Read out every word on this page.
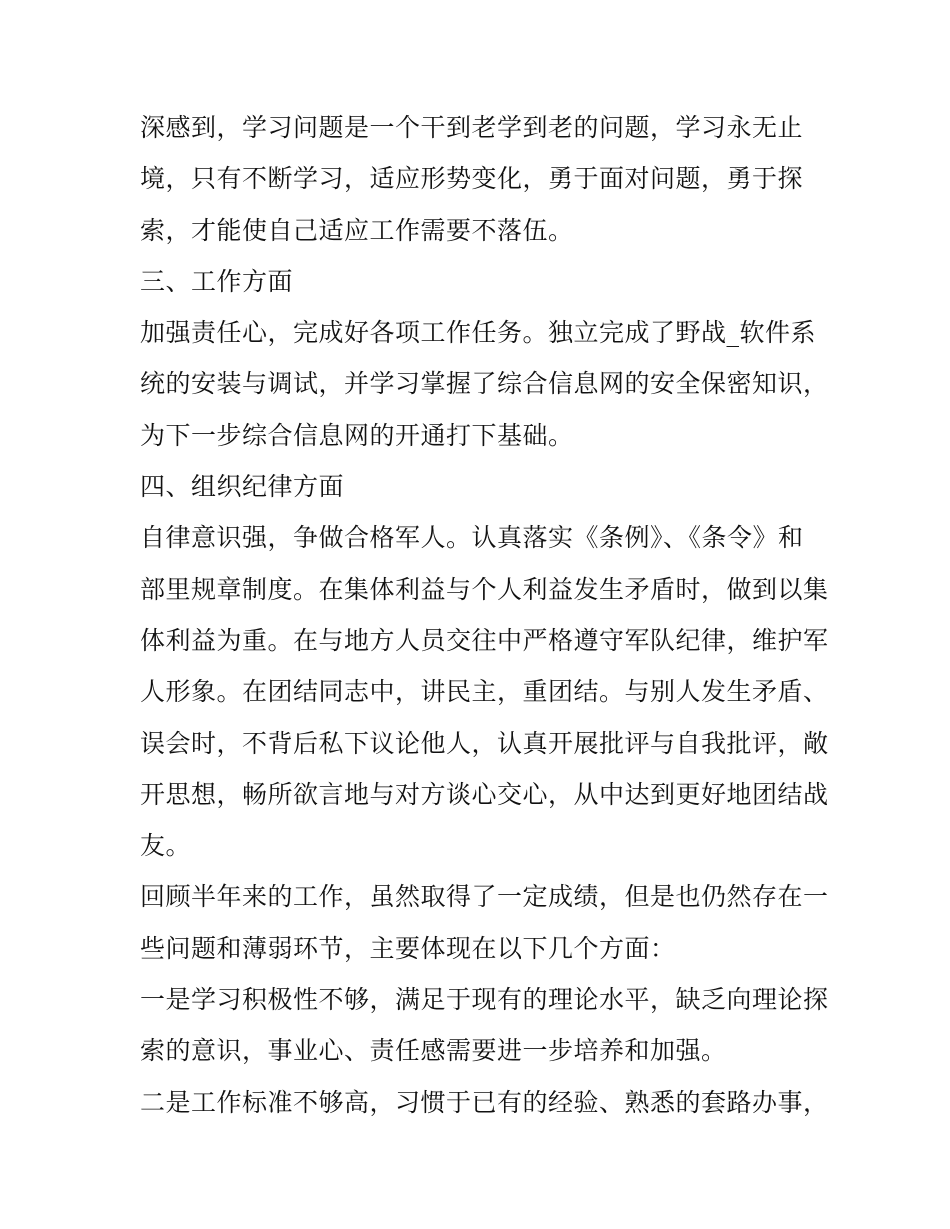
深感到，学习问题是一个干到老学到老的问题，学习永无止
境，只有不断学习，适应形势变化，勇于面对问题，勇于探
索，才能使自己适应工作需要不落伍。
三、工作方面
加强责任心，完成好各项工作任务。独立完成了野战_软件系
统的安装与调试，并学习掌握了综合信息网的安全保密知识，
为下一步综合信息网的开通打下基础。
四、组织纪律方面
自律意识强，争做合格军人。认真落实《条例》、《条令》和
部里规章制度。在集体利益与个人利益发生矛盾时，做到以集
体利益为重。在与地方人员交往中严格遵守军队纪律，维护军
人形象。在团结同志中，讲民主，重团结。与别人发生矛盾、
误会时，不背后私下议论他人，认真开展批评与自我批评，敞
开思想，畅所欲言地与对方谈心交心，从中达到更好地团结战
友。
回顾半年来的工作，虽然取得了一定成绩，但是也仍然存在一
些问题和薄弱环节，主要体现在以下几个方面：
一是学习积极性不够，满足于现有的理论水平，缺乏向理论探
索的意识，事业心、责任感需要进一步培养和加强。
二是工作标准不够高，习惯于已有的经验、熟悉的套路办事，
